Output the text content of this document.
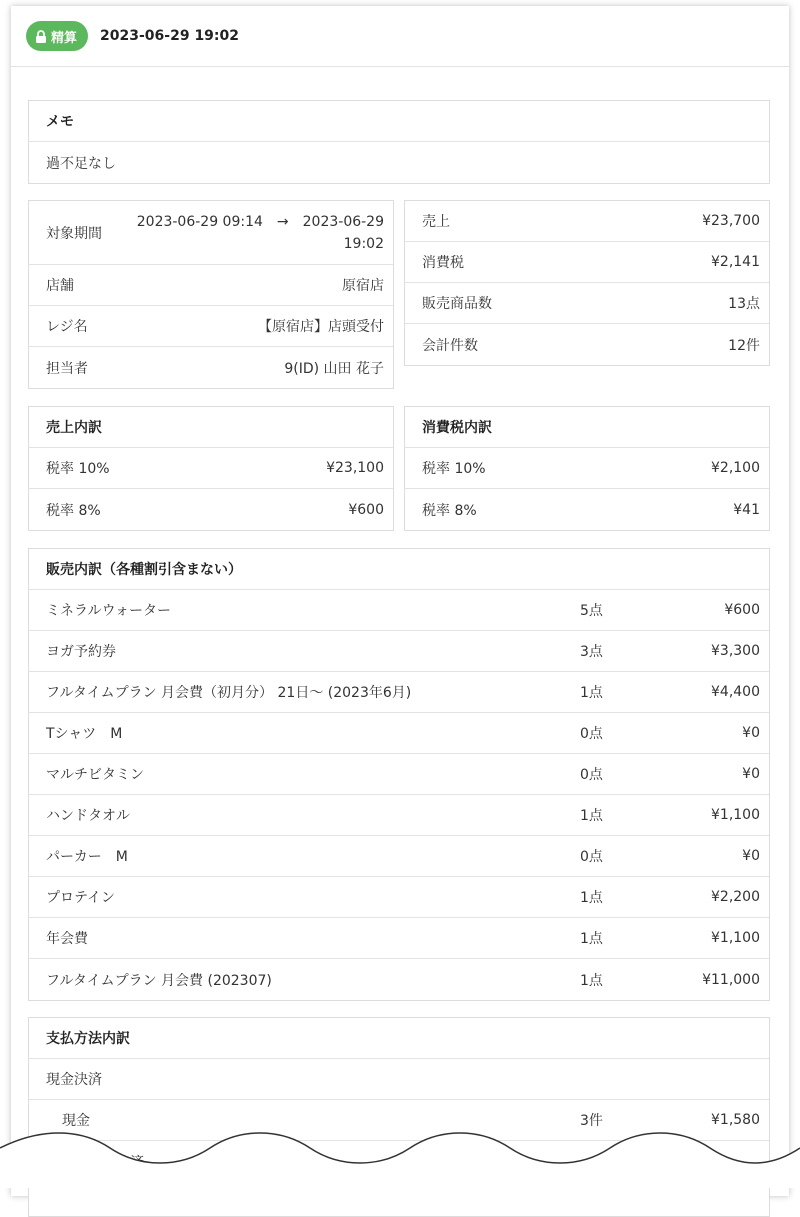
精算 2023-06-29 19:02
メモ
過不足なし
対象期間
2023-06-29 09:14　→　2023-06-29
19:02
店舗	原宿店
レジ名	【原宿店】店頭受付
担当者	9(ID) 山田 花子
売上	¥23,700
消費税	¥2,141
販売商品数	13点
会計件数	12件
売上内訳
税率 10%	¥23,100
税率 8%	¥600
消費税内訳
税率 10%	¥2,100
税率 8%	¥41
販売内訳（各種割引含まない）
ミネラルウォーター	5点	¥600
ヨガ予約券	3点	¥3,300
フルタイムプラン 月会費（初月分） 21日〜 (2023年6月)	1点	¥4,400
Tシャツ　M	0点	¥0
マルチビタミン	0点	¥0
ハンドタオル	1点	¥1,100
パーカー　M	0点	¥0
プロテイン	1点	¥2,200
年会費	1点	¥1,100
フルタイムプラン 月会費 (202307)	1点	¥11,000
支払方法内訳
現金決済
現金	3件	¥1,580
